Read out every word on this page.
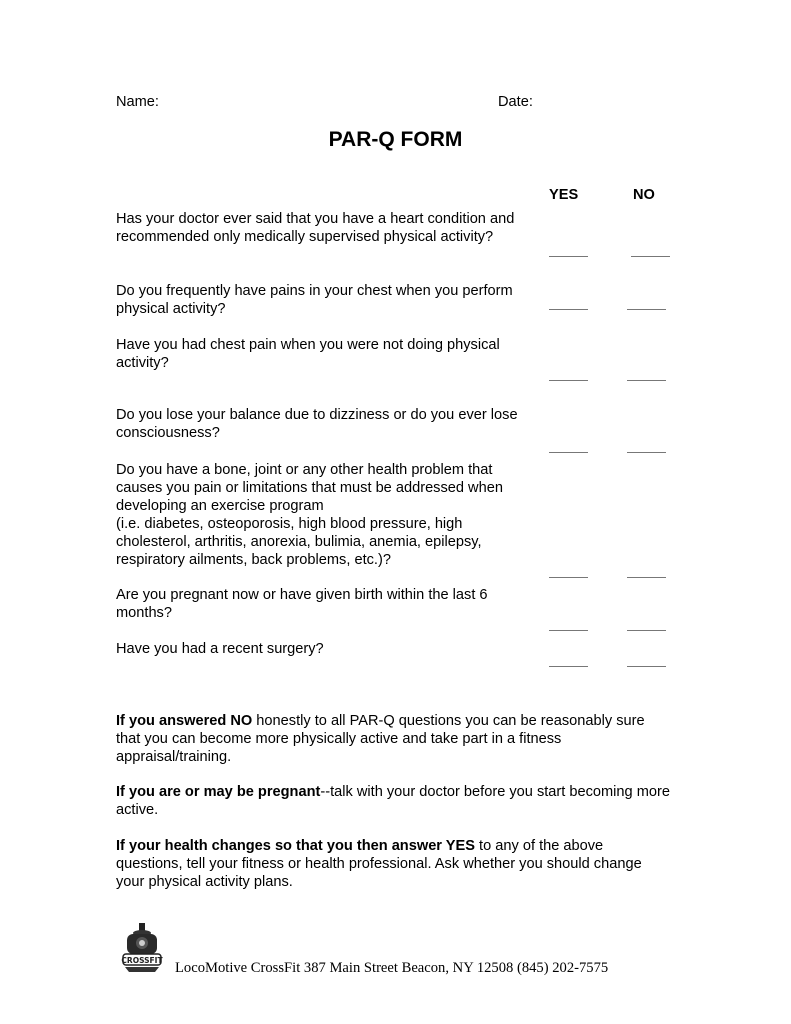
Name:	Date:
PAR-Q FORM
YES	NO
Has your doctor ever said that you have a heart condition and recommended only medically supervised physical activity?
Do you frequently have pains in your chest when you perform physical activity?
Have you had chest pain when you were not doing physical activity?
Do you lose your balance due to dizziness or do you ever lose consciousness?
Do you have a bone, joint or any other health problem that causes you pain or limitations that must be addressed when developing an exercise program
(i.e. diabetes, osteoporosis, high blood pressure, high cholesterol, arthritis, anorexia, bulimia, anemia, epilepsy, respiratory ailments, back problems, etc.)?
Are you pregnant now or have given birth within the last 6 months?
Have you had a recent surgery?
If you answered NO honestly to all PAR-Q questions you can be reasonably sure that you can become more physically active and take part in a fitness appraisal/training.
If you are or may be pregnant--talk with your doctor before you start becoming more active.
If your health changes so that you then answer YES to any of the above questions, tell your fitness or health professional. Ask whether you should change your physical activity plans.
CROSSFIT LocoMotive CrossFit 387 Main Street Beacon, NY 12508 (845) 202-7575
